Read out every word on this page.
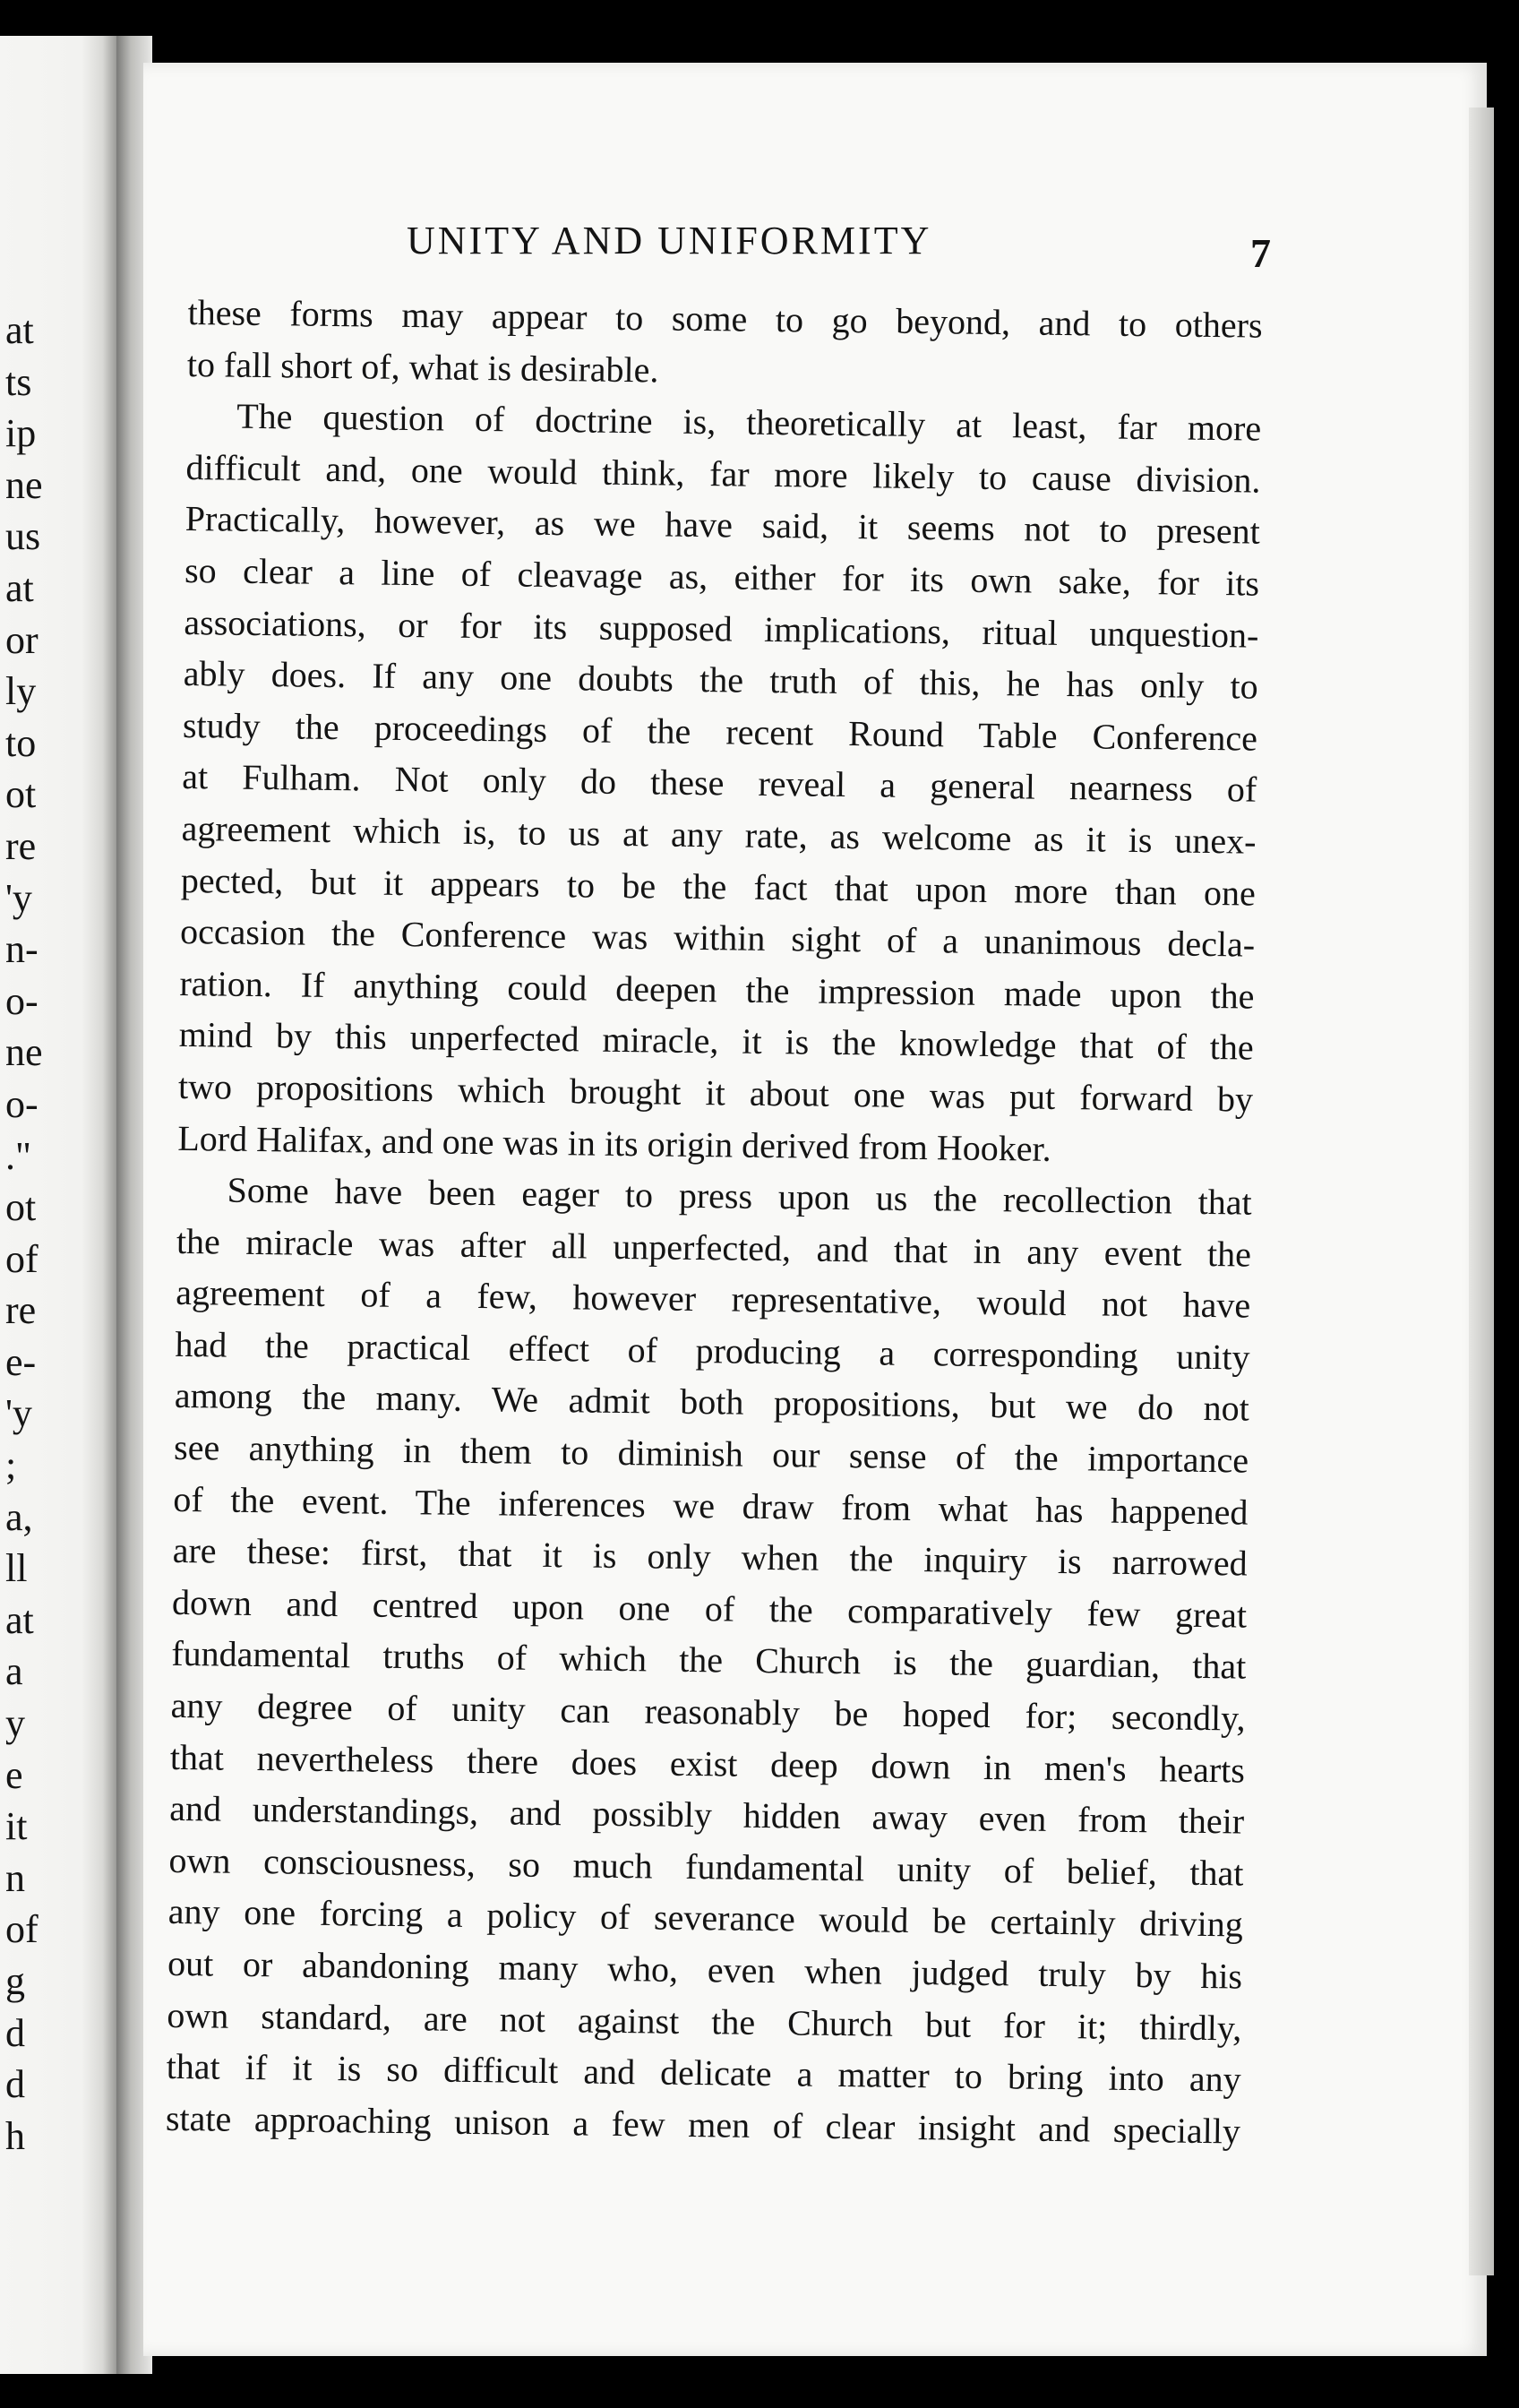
at
ts
ip
ne
us
at
or
ly
to
ot
re
'y
n-
o-
ne
o-
."
ot
of
re
e-
'y
;
a,
ll
at
a
y
e
it
n
of
g
d
d
h
UNITY AND UNIFORMITY	7
these forms may appear to some to go beyond, and to others
to fall short of, what is desirable.
The question of doctrine is, theoretically at least, far more
difficult and, one would think, far more likely to cause division.
Practically, however, as we have said, it seems not to present
so clear a line of cleavage as, either for its own sake, for its
associations, or for its supposed implications, ritual unquestion-
ably does. If any one doubts the truth of this, he has only to
study the proceedings of the recent Round Table Conference
at Fulham. Not only do these reveal a general nearness of
agreement which is, to us at any rate, as welcome as it is unex-
pected, but it appears to be the fact that upon more than one
occasion the Conference was within sight of a unanimous decla-
ration. If anything could deepen the impression made upon the
mind by this unperfected miracle, it is the knowledge that of the
two propositions which brought it about one was put forward by
Lord Halifax, and one was in its origin derived from Hooker.
Some have been eager to press upon us the recollection that
the miracle was after all unperfected, and that in any event the
agreement of a few, however representative, would not have
had the practical effect of producing a corresponding unity
among the many. We admit both propositions, but we do not
see anything in them to diminish our sense of the importance
of the event. The inferences we draw from what has happened
are these: first, that it is only when the inquiry is narrowed
down and centred upon one of the comparatively few great
fundamental truths of which the Church is the guardian, that
any degree of unity can reasonably be hoped for; secondly,
that nevertheless there does exist deep down in men's hearts
and understandings, and possibly hidden away even from their
own consciousness, so much fundamental unity of belief, that
any one forcing a policy of severance would be certainly driving
out or abandoning many who, even when judged truly by his
own standard, are not against the Church but for it; thirdly,
that if it is so difficult and delicate a matter to bring into any
state approaching unison a few men of clear insight and specially
